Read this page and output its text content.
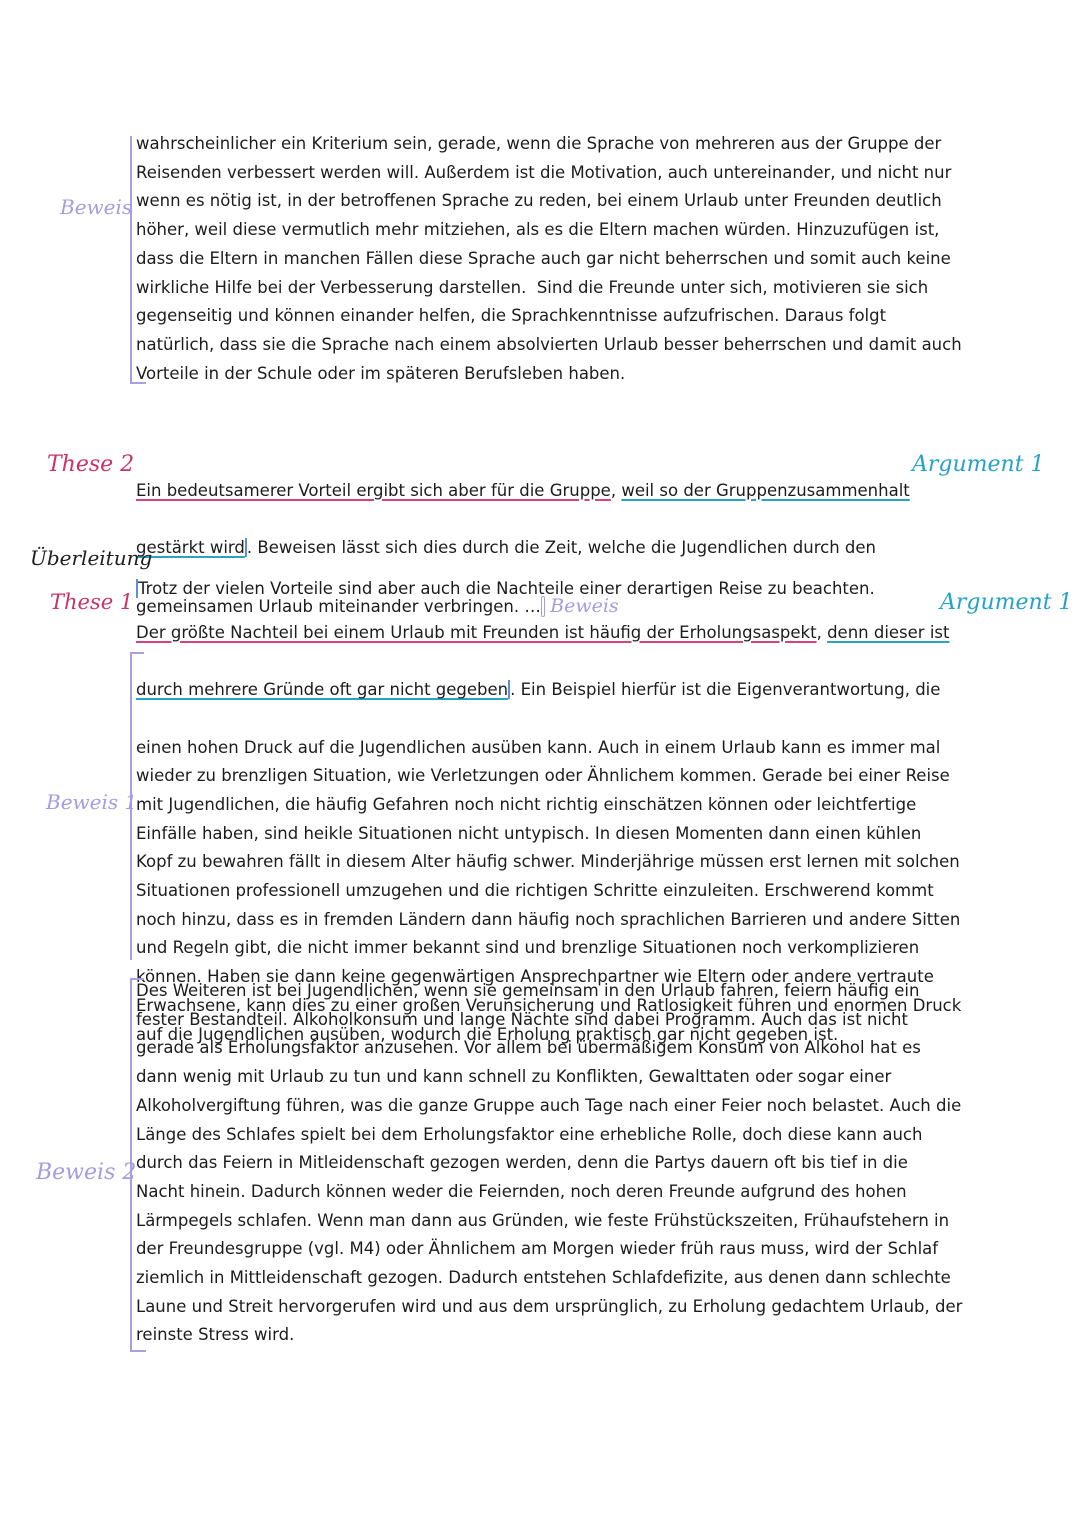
Beweis
wahrscheinlicher ein Kriterium sein, gerade, wenn die Sprache von mehreren aus der Gruppe der
Reisenden verbessert werden will. Außerdem ist die Motivation, auch untereinander, und nicht nur
wenn es nötig ist, in der betroffenen Sprache zu reden, bei einem Urlaub unter Freunden deutlich
höher, weil diese vermutlich mehr mitziehen, als es die Eltern machen würden. Hinzuzufügen ist,
dass die Eltern in manchen Fällen diese Sprache auch gar nicht beherrschen und somit auch keine
wirkliche Hilfe bei der Verbesserung darstellen.  Sind die Freunde unter sich, motivieren sie sich
gegenseitig und können einander helfen, die Sprachkenntnisse aufzufrischen. Daraus folgt
natürlich, dass sie die Sprache nach einem absolvierten Urlaub besser beherrschen und damit auch
Vorteile in der Schule oder im späteren Berufsleben haben.
These 2	Argument 1

Ein bedeutsamerer Vorteil ergibt sich aber für die Gruppe, weil so der Gruppenzusammenhalt

gestärkt wird . Beweisen lässt sich dies durch die Zeit, welche die Jugendlichen durch den

gemeinsamen Urlaub miteinander verbringen. … Beweis

Überleitung

Trotz der vielen Vorteile sind aber auch die Nachteile einer derartigen Reise zu beachten.

These 1	Argument 1
Beweis 1

Der größte Nachteil bei einem Urlaub mit Freunden ist häufig der Erholungsaspekt, denn dieser ist

durch mehrere Gründe oft gar nicht gegeben . Ein Beispiel hierfür ist die Eigenverantwortung, die

einen hohen Druck auf die Jugendlichen ausüben kann. Auch in einem Urlaub kann es immer mal
wieder zu brenzligen Situation, wie Verletzungen oder Ähnlichem kommen. Gerade bei einer Reise
mit Jugendlichen, die häufig Gefahren noch nicht richtig einschätzen können oder leichtfertige
Einfälle haben, sind heikle Situationen nicht untypisch. In diesen Momenten dann einen kühlen
Kopf zu bewahren fällt in diesem Alter häufig schwer. Minderjährige müssen erst lernen mit solchen
Situationen professionell umzugehen und die richtigen Schritte einzuleiten. Erschwerend kommt
noch hinzu, dass es in fremden Ländern dann häufig noch sprachlichen Barrieren und andere Sitten
und Regeln gibt, die nicht immer bekannt sind und brenzlige Situationen noch verkomplizieren
können. Haben sie dann keine gegenwärtigen Ansprechpartner wie Eltern oder andere vertraute
Erwachsene, kann dies zu einer großen Verunsicherung und Ratlosigkeit führen und enormen Druck
auf die Jugendlichen ausüben, wodurch die Erholung praktisch gar nicht gegeben ist.

Beweis 2
Des Weiteren ist bei Jugendlichen, wenn sie gemeinsam in den Urlaub fahren, feiern häufig ein
fester Bestandteil. Alkoholkonsum und lange Nächte sind dabei Programm. Auch das ist nicht
gerade als Erholungsfaktor anzusehen. Vor allem bei übermäßigem Konsum von Alkohol hat es
dann wenig mit Urlaub zu tun und kann schnell zu Konflikten, Gewalttaten oder sogar einer
Alkoholvergiftung führen, was die ganze Gruppe auch Tage nach einer Feier noch belastet. Auch die
Länge des Schlafes spielt bei dem Erholungsfaktor eine erhebliche Rolle, doch diese kann auch
durch das Feiern in Mitleidenschaft gezogen werden, denn die Partys dauern oft bis tief in die
Nacht hinein. Dadurch können weder die Feiernden, noch deren Freunde aufgrund des hohen
Lärmpegels schlafen. Wenn man dann aus Gründen, wie feste Frühstückszeiten, Frühaufstehern in
der Freundesgruppe (vgl. M4) oder Ähnlichem am Morgen wieder früh raus muss, wird der Schlaf
ziemlich in Mittleidenschaft gezogen. Dadurch entstehen Schlafdefizite, aus denen dann schlechte
Laune und Streit hervorgerufen wird und aus dem ursprünglich, zu Erholung gedachtem Urlaub, der
reinste Stress wird.
